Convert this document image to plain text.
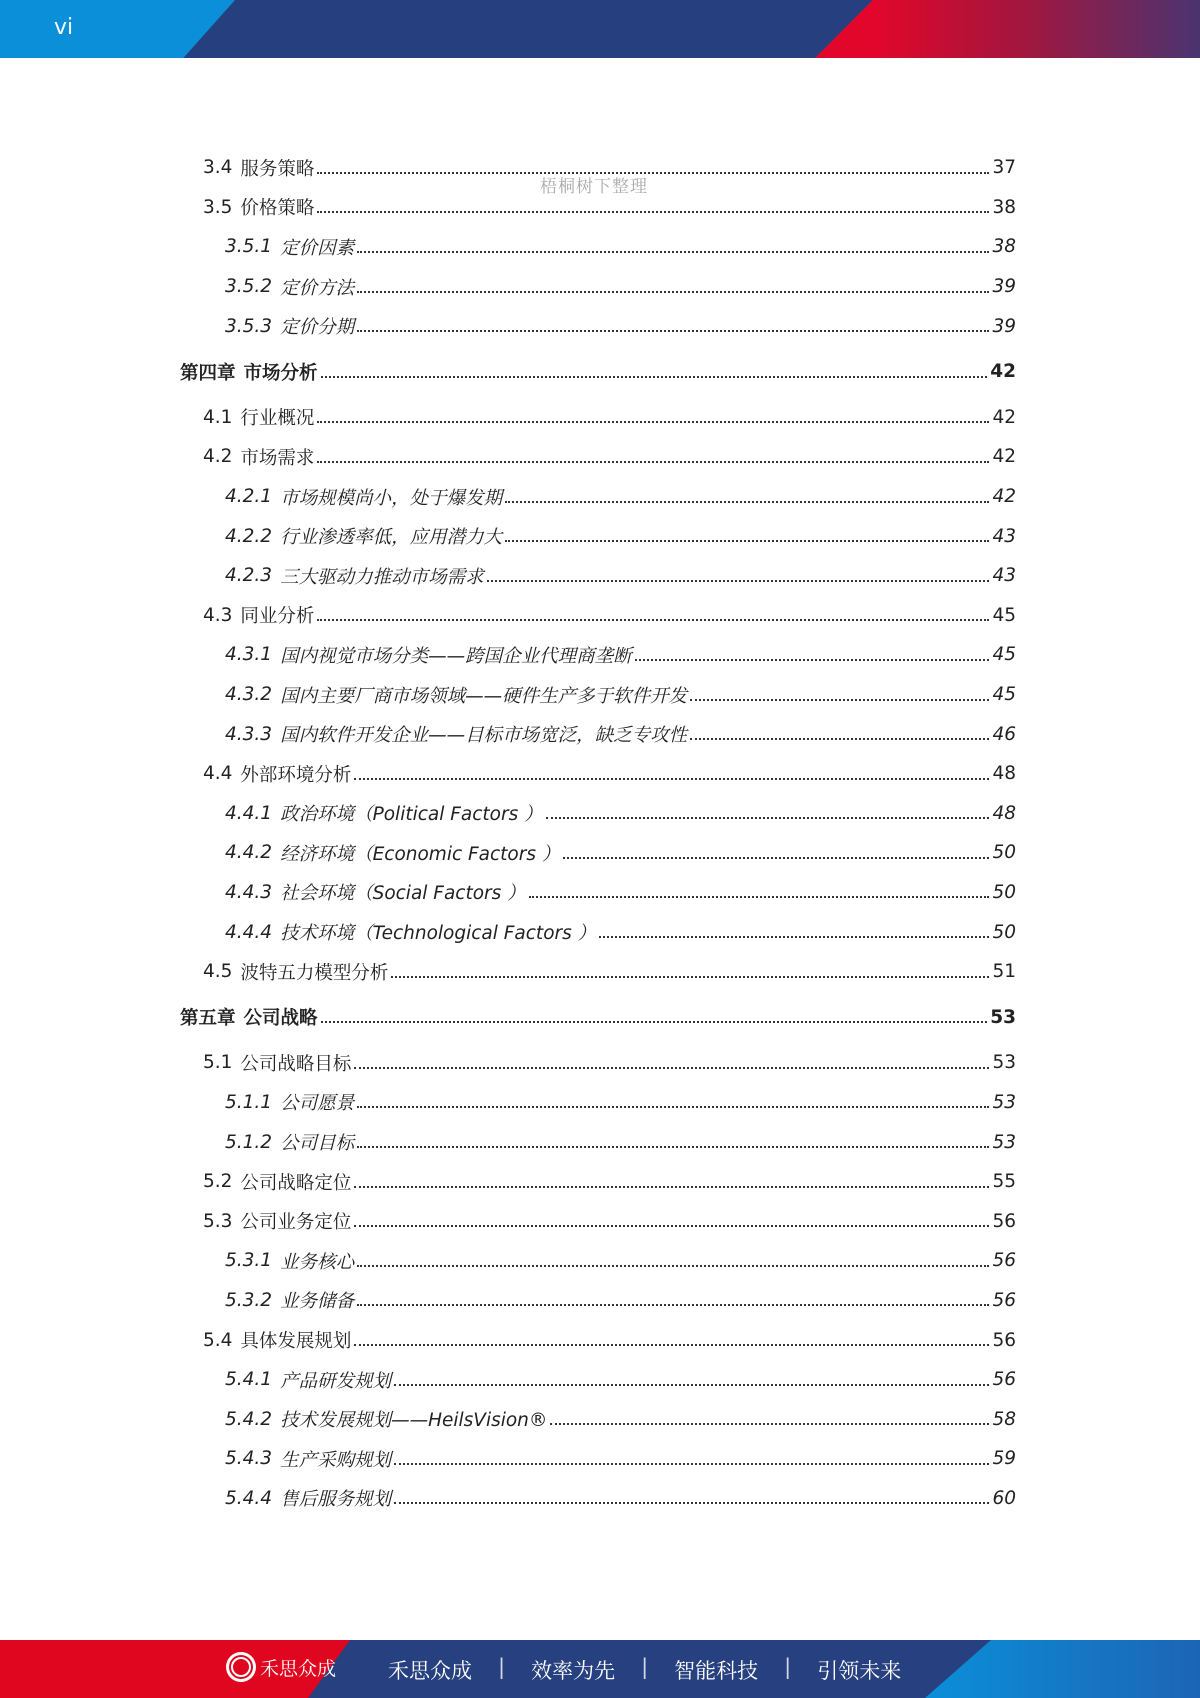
vi
梧桐树下整理
3.4 服务策略	37
3.5 价格策略	38
3.5.1 定价因素	38
3.5.2 定价方法	39
3.5.3 定价分期	39
第四章 市场分析	42
4.1 行业概况	42
4.2 市场需求	42
4.2.1 市场规模尚小，处于爆发期	42
4.2.2 行业渗透率低，应用潜力大	43
4.2.3 三大驱动力推动市场需求	43
4.3 同业分析	45
4.3.1 国内视觉市场分类——跨国企业代理商垄断	45
4.3.2 国内主要厂商市场领域——硬件生产多于软件开发	45
4.3.3 国内软件开发企业——目标市场宽泛，缺乏专攻性	46
4.4 外部环境分析	48
4.4.1 政治环境（Political Factors ）	48
4.4.2 经济环境（Economic Factors ）	50
4.4.3 社会环境（Social Factors ）	50
4.4.4 技术环境（Technological Factors ）	50
4.5 波特五力模型分析	51
第五章 公司战略	53
5.1 公司战略目标	53
5.1.1 公司愿景	53
5.1.2 公司目标	53
5.2 公司战略定位	55
5.3 公司业务定位	56
5.3.1 业务核心	56
5.3.2 业务储备	56
5.4 具体发展规划	56
5.4.1 产品研发规划	56
5.4.2 技术发展规划——HeilsVision®	58
5.4.3 生产采购规划	59
5.4.4 售后服务规划	60
禾思众成 禾思众成 | 效率为先 | 智能科技 | 引领未来
